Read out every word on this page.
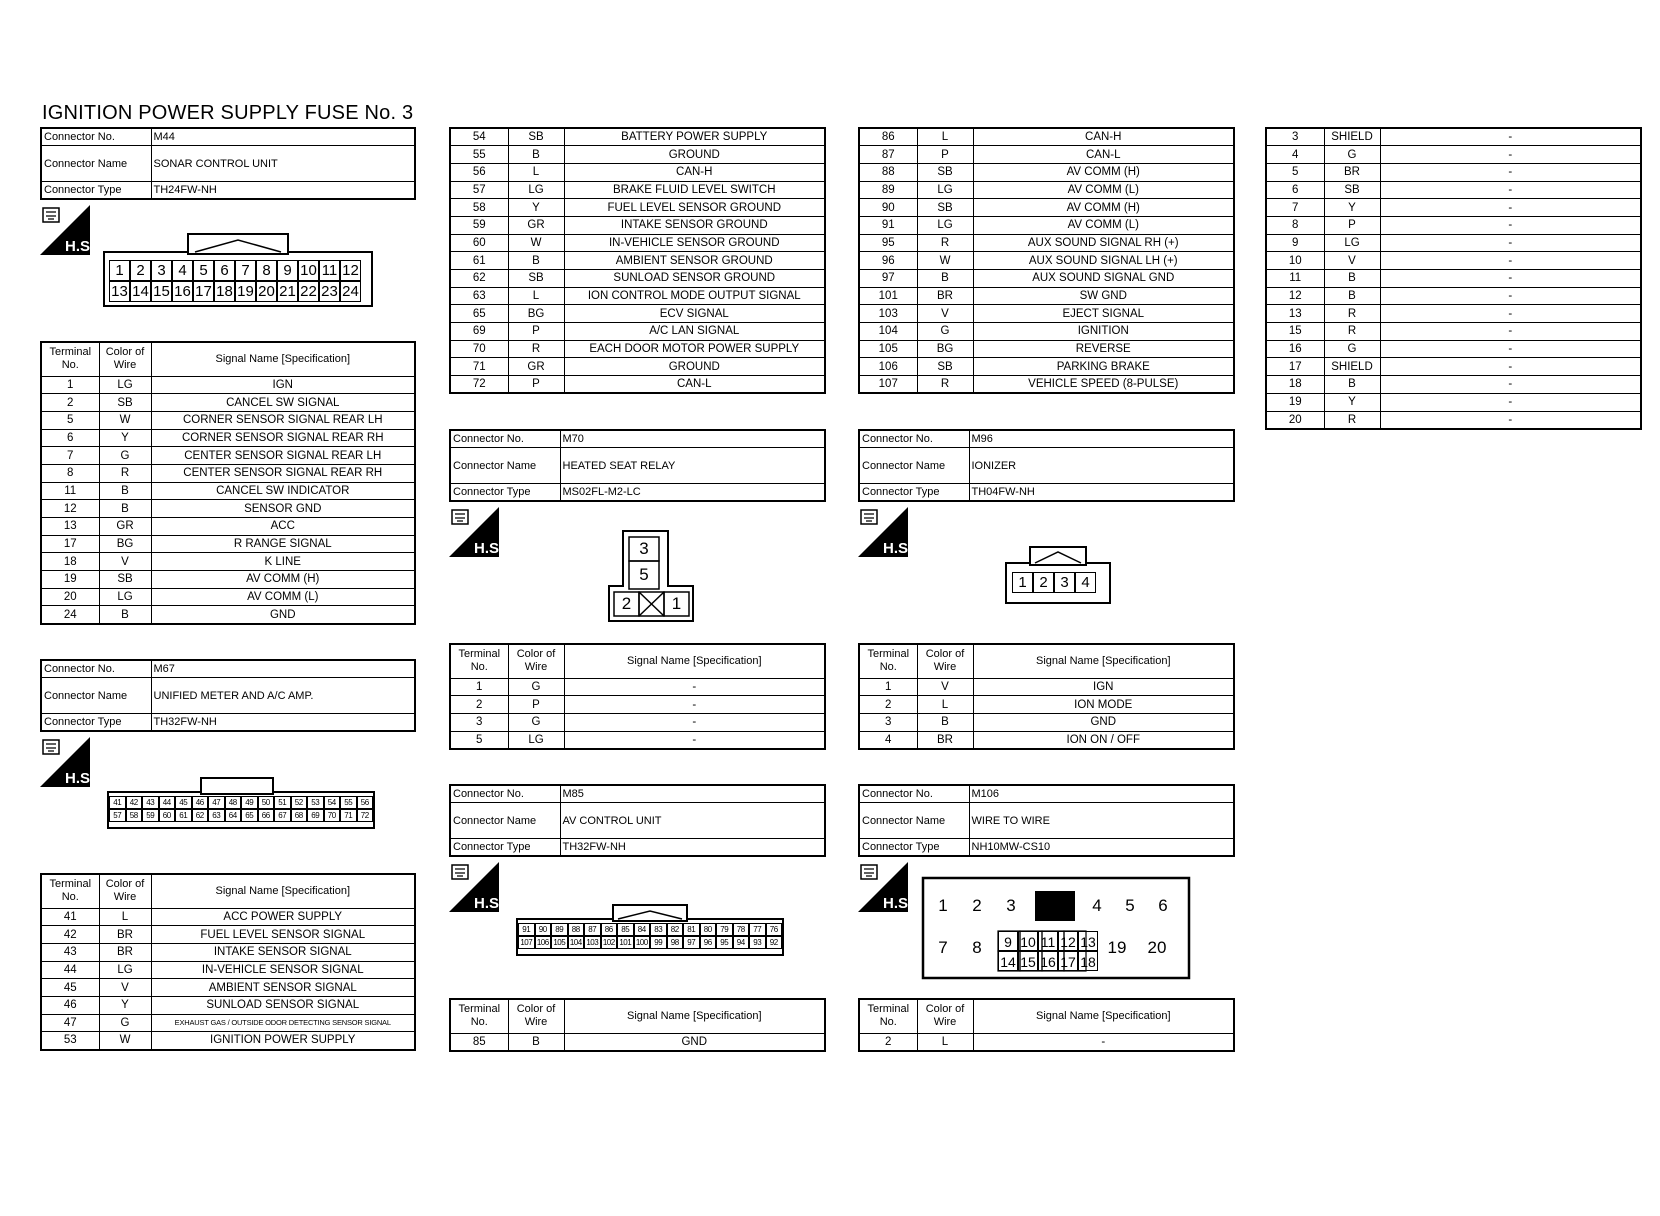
IGNITION POWER SUPPLY FUSE No. 3
Connector No.	M44
Connector Name	SONAR CONTROL UNIT
Connector Type	TH24FW-NH
H.S.
1 2 3 4 5 6 7 8 9 10 11 12
13 14 15 16 17 18 19 20 21 22 23 24
Terminal No.	Color of Wire	Signal Name [Specification]
1	LG	IGN
2	SB	CANCEL SW SIGNAL
5	W	CORNER SENSOR SIGNAL REAR LH
6	Y	CORNER SENSOR SIGNAL REAR RH
7	G	CENTER SENSOR SIGNAL REAR LH
8	R	CENTER SENSOR SIGNAL REAR RH
11	B	CANCEL SW INDICATOR
12	B	SENSOR GND
13	GR	ACC
17	BG	R RANGE SIGNAL
18	V	K LINE
19	SB	AV COMM (H)
20	LG	AV COMM (L)
24	B	GND
Connector No.	M67
Connector Name	UNIFIED METER AND A/C AMP.
Connector Type	TH32FW-NH
H.S.
41	42	43	44	45	46	47	48	49	50	51	52	53	54	55	56
57	58	59	60	61	62	63	64	65	66	67	68	69	70	71	72
Terminal No.	Color of Wire	Signal Name [Specification]
41	L	ACC POWER SUPPLY
42	BR	FUEL LEVEL SENSOR SIGNAL
43	BR	INTAKE SENSOR SIGNAL
44	LG	IN-VEHICLE SENSOR SIGNAL
45	V	AMBIENT SENSOR SIGNAL
46	Y	SUNLOAD SENSOR SIGNAL
47	G	EXHAUST GAS / OUTSIDE ODOR DETECTING SENSOR SIGNAL
53	W	IGNITION POWER SUPPLY
54	SB	BATTERY POWER SUPPLY
55	B	GROUND
56	L	CAN-H
57	LG	BRAKE FLUID LEVEL SWITCH
58	Y	FUEL LEVEL SENSOR GROUND
59	GR	INTAKE SENSOR GROUND
60	W	IN-VEHICLE SENSOR GROUND
61	B	AMBIENT SENSOR GROUND
62	SB	SUNLOAD SENSOR GROUND
63	L	ION CONTROL MODE OUTPUT SIGNAL
65	BG	ECV SIGNAL
69	P	A/C LAN SIGNAL
70	R	EACH DOOR MOTOR POWER SUPPLY
71	GR	GROUND
72	P	CAN-L
Connector No.	M70
Connector Name	HEATED SEAT RELAY
Connector Type	MS02FL-M2-LC
H.S.	3
5
2	1
Terminal No.	Color of Wire	Signal Name [Specification]
1	G	-
2	P	-
3	G	-
5	LG	-
Connector No.	M85
Connector Name	AV CONTROL UNIT
Connector Type	TH32FW-NH
H.S.
91	90	89	88	87	86	85	84	83	82	81	80	79	78	77	76
107 106 105 104 103 102 101 100 99	98	97	96	95	94	93	92
Terminal No.	Color of Wire	Signal Name [Specification]
85	B	GND
86	L	CAN-H
87	P	CAN-L
88	SB	AV COMM (H)
89	LG	AV COMM (L)
90	SB	AV COMM (H)
91	LG	AV COMM (L)
95	R	AUX SOUND SIGNAL RH (+)
96	W	AUX SOUND SIGNAL LH (+)
97	B	AUX SOUND SIGNAL GND
101	BR	SW GND
103	V	EJECT SIGNAL
104	G	IGNITION
105	BG	REVERSE
106	SB	PARKING BRAKE
107	R	VEHICLE SPEED (8-PULSE)
Connector No.	M96
Connector Name	IONIZER
Connector Type	TH04FW-NH
H.S.
1 2 3 4
Terminal No.	Color of Wire	Signal Name [Specification]
1	V	IGN
2	L	ION MODE
3	B	GND
4	BR	ION ON / OFF
Connector No.	M106
Connector Name	WIRE TO WIRE
Connector Type	NH10MW-CS10
H.S.	1	2	3	4	5	6
7	8	9 10 11 12 13
14 15 16 17 18
19	20
Terminal No.	Color of Wire	Signal Name [Specification]
2	L	-
3	SHIELD	-
4	G	-
5	BR	-
6	SB	-
7	Y	-
8	P	-
9	LG	-
10	V	-
11	B	-
12	B	-
13	R	-
15	R	-
16	G	-
17	SHIELD	-
18	B	-
19	Y	-
20	R	-
